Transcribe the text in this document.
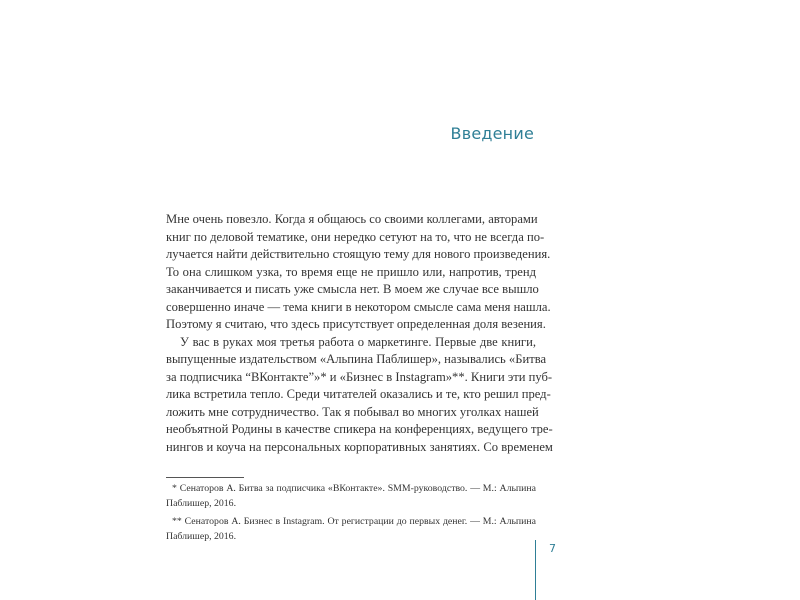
Введение
Мне очень повезло. Когда я общаюсь со своими коллегами, авторами
книг по деловой тематике, они нередко сетуют на то, что не всегда по-
лучается найти действительно стоящую тему для нового произведения.
То она слишком узка, то время еще не пришло или, напротив, тренд
заканчивается и писать уже смысла нет. В моем же случае все вышло
совершенно иначе — тема книги в некотором смысле сама меня нашла.
Поэтому я считаю, что здесь присутствует определенная доля везения.
У вас в руках моя третья работа о маркетинге. Первые две книги,
выпущенные издательством «Альпина Паблишер», назывались «Битва
за подписчика “ВКонтакте”»* и «Бизнес в Instagram»**. Книги эти пуб-
лика встретила тепло. Среди читателей оказались и те, кто решил пред-
ложить мне сотрудничество. Так я побывал во многих уголках нашей
необъятной Родины в качестве спикера на конференциях, ведущего тре-
нингов и коуча на персональных корпоративных занятиях. Со временем
* Сенаторов А. Битва за подписчика «ВКонтакте». SMM-руководство. — М.: Альпина
Паблишер, 2016.
** Сенаторов А. Бизнес в Instagram. От регистрации до первых денег. — М.: Альпина
Паблишер, 2016.
7
